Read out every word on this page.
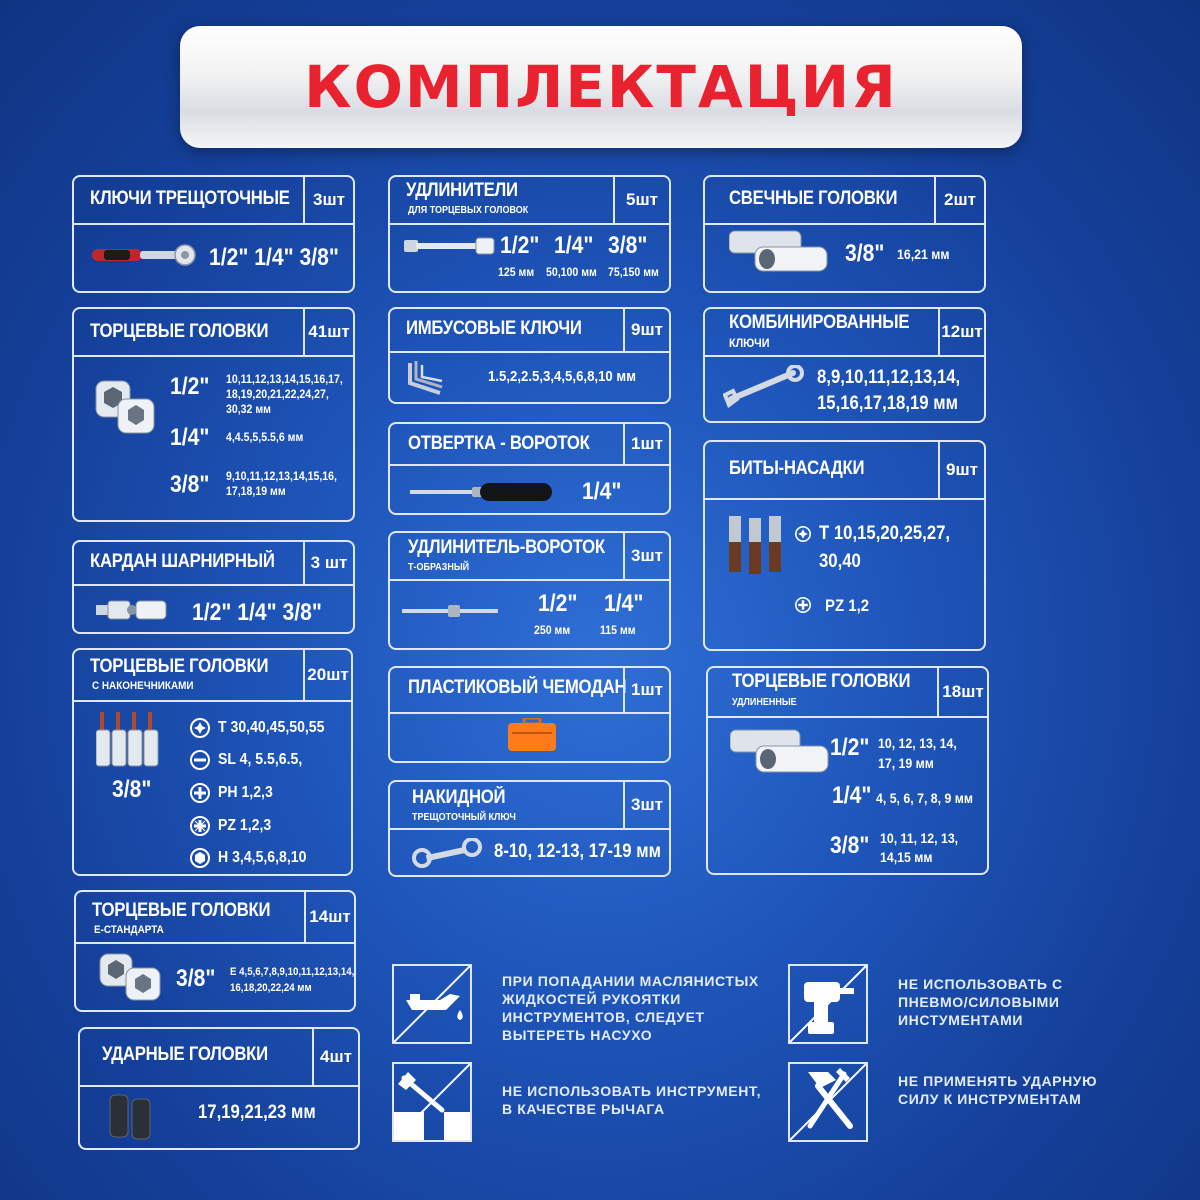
КОМПЛЕКТАЦИЯ
КЛЮЧИ ТРЕЩОТОЧНЫЕ	3шт
1/2" 1/4" 3/8"
ТОРЦЕВЫЕ ГОЛОВКИ	41шт
1/2" 10,11,12,13,14,15,16,17,
18,19,20,21,22,24,27,
30,32 мм
1/4" 4,4.5,5,5.5,6 мм
3/8" 9,10,11,12,13,14,15,16,
17,18,19 мм
КАРДАН ШАРНИРНЫЙ	3 шт
1/2" 1/4" 3/8"
ТОРЦЕВЫЕ ГОЛОВКИ
С НАКОНЕЧНИКАМИ
20шт
3/8"
T 30,40,45,50,55
SL 4, 5.5,6.5,
PH 1,2,3
PZ 1,2,3
H 3,4,5,6,8,10
ТОРЦЕВЫЕ ГОЛОВКИ
Е-СТАНДАРТА
14шт
3/8" Е 4,5,6,7,8,9,10,11,12,13,14,
16,18,20,22,24 мм
УДАРНЫЕ ГОЛОВКИ	4шт
17,19,21,23 мм
УДЛИНИТЕЛИ
ДЛЯ ТОРЦЕВЫХ ГОЛОВОК
5шт
1/2" 1/4" 3/8"
125 мм 50,100 мм 75,150 мм
ИМБУСОВЫЕ КЛЮЧИ	9шт
1.5,2,2.5,3,4,5,6,8,10 мм
ОТВЕРТКА - ВОРОТОК	1шт
1/4"
УДЛИНИТЕЛЬ-ВОРОТОК
Т-ОБРАЗНЫЙ
3шт
1/2" 1/4"
250 мм 115 мм
ПЛАСТИКОВЫЙ ЧЕМОДАН 1шт
НАКИДНОЙ
ТРЕЩОТОЧНЫЙ КЛЮЧ
3шт
8-10, 12-13, 17-19 мм
СВЕЧНЫЕ ГОЛОВКИ	2шт
3/8" 16,21 мм
КОМБИНИРОВАННЫЕ
КЛЮЧИ
12шт
8,9,10,11,12,13,14,
15,16,17,18,19 мм
БИТЫ-НАСАДКИ	9шт
T 10,15,20,25,27,
30,40
PZ 1,2
ТОРЦЕВЫЕ ГОЛОВКИ
УДЛИНЕННЫЕ
18шт
1/2" 10, 12, 13, 14,
17, 19 мм
1/4" 4, 5, 6, 7, 8, 9 мм
3/8" 10, 11, 12, 13,
14,15 мм
ПРИ ПОПАДАНИИ МАСЛЯНИСТЫХ ЖИДКОСТЕЙ РУКОЯТКИ ИНСТРУМЕНТОВ, СЛЕДУЕТ ВЫТЕРЕТЬ НАСУХО
НЕ ИСПОЛЬЗОВАТЬ С ПНЕВМО/СИЛОВЫМИ ИНСТУМЕНТАМИ
НЕ ИСПОЛЬЗОВАТЬ ИНСТРУМЕНТ, В КАЧЕСТВЕ РЫЧАГА
НЕ ПРИМЕНЯТЬ УДАРНУЮ СИЛУ К ИНСТРУМЕНТАМ
